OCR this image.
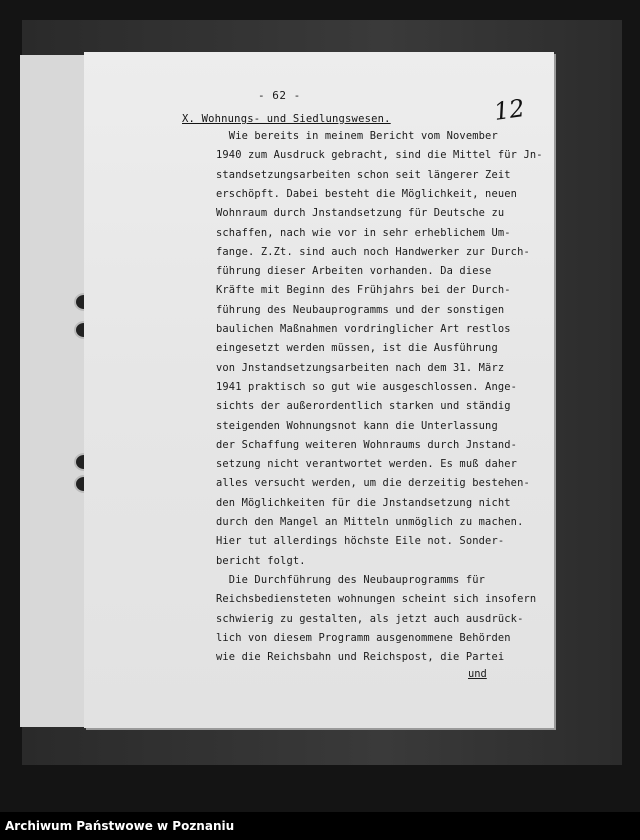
- 62 -	12
X. Wohnungs- und Siedlungswesen.
Wie bereits in meinem Bericht vom November
1940 zum Ausdruck gebracht, sind die Mittel für Jn-
standsetzungsarbeiten schon seit längerer Zeit
erschöpft. Dabei besteht die Möglichkeit, neuen
Wohnraum durch Jnstandsetzung für Deutsche zu
schaffen, nach wie vor in sehr erheblichem Um-
fange. Z.Zt. sind auch noch Handwerker zur Durch-
führung dieser Arbeiten vorhanden. Da diese
Kräfte mit Beginn des Frühjahrs bei der Durch-
führung des Neubauprogramms und der sonstigen
baulichen Maßnahmen vordringlicher Art restlos
eingesetzt werden müssen, ist die Ausführung
von Jnstandsetzungsarbeiten nach dem 31. März
1941 praktisch so gut wie ausgeschlossen. Ange-
sichts der außerordentlich starken und ständig
steigenden Wohnungsnot kann die Unterlassung
der Schaffung weiteren Wohnraums durch Jnstand-
setzung nicht verantwortet werden. Es muß daher
alles versucht werden, um die derzeitig bestehen-
den Möglichkeiten für die Jnstandsetzung nicht
durch den Mangel an Mitteln unmöglich zu machen.
Hier tut allerdings höchste Eile not. Sonder-
bericht folgt.
Die Durchführung des Neubauprogramms für
Reichsbediensteten wohnungen scheint sich insofern
schwierig zu gestalten, als jetzt auch ausdrück-
lich von diesem Programm ausgenommene Behörden
wie die Reichsbahn und Reichspost, die Partei
und
Archiwum Państwowe w Poznaniu
